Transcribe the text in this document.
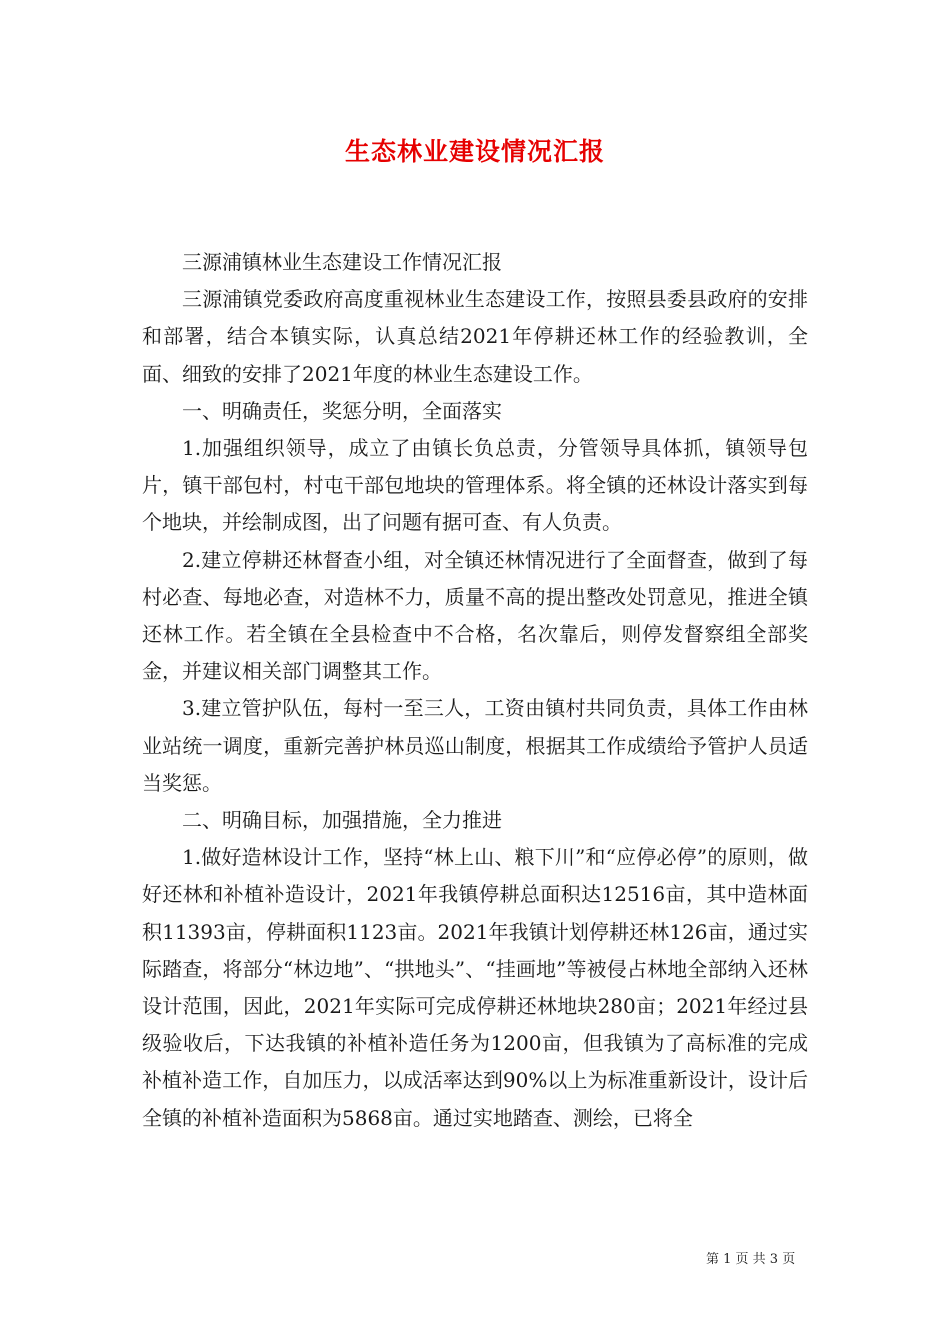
生态林业建设情况汇报

三源浦镇林业生态建设工作情况汇报

三源浦镇党委政府高度重视林业生态建设工作，按照县委县政府的安排和部署，结合本镇实际，认真总结2021年停耕还林工作的经验教训，全面、细致的安排了2021年度的林业生态建设工作。

一、明确责任，奖惩分明，全面落实

1.加强组织领导，成立了由镇长负总责，分管领导具体抓，镇领导包片，镇干部包村，村屯干部包地块的管理体系。将全镇的还林设计落实到每个地块，并绘制成图，出了问题有据可查、有人负责。

2.建立停耕还林督查小组，对全镇还林情况进行了全面督查，做到了每村必查、每地必查，对造林不力，质量不高的提出整改处罚意见，推进全镇还林工作。若全镇在全县检查中不合格，名次靠后，则停发督察组全部奖金，并建议相关部门调整其工作。

3.建立管护队伍，每村一至三人，工资由镇村共同负责，具体工作由林业站统一调度，重新完善护林员巡山制度，根据其工作成绩给予管护人员适当奖惩。

二、明确目标，加强措施，全力推进

1.做好造林设计工作，坚持“林上山、粮下川”和“应停必停”的原则，做好还林和补植补造设计，2021年我镇停耕总面积达12516亩，其中造林面积11393亩，停耕面积1123亩。2021年我镇计划停耕还林126亩，通过实际踏查，将部分“林边地”、“拱地头”、“挂画地”等被侵占林地全部纳入还林设计范围，因此，2021年实际可完成停耕还林地块280亩；2021年经过县级验收后，下达我镇的补植补造任务为1200亩，但我镇为了高标准的完成补植补造工作，自加压力，以成活率达到90%以上为标准重新设计，设计后全镇的补植补造面积为5868亩。通过实地踏查、测绘，已将全

第 1 页 共 3 页
